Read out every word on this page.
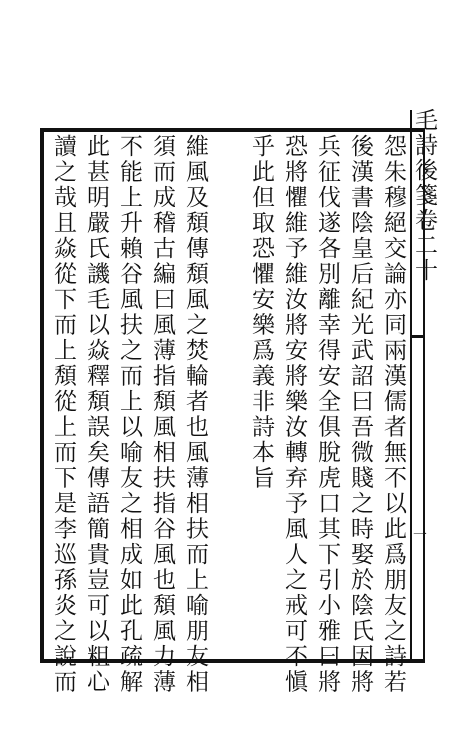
毛詩後箋卷二十
一
怨朱穆絕交論亦同兩漢儒者無不以此爲朋友之詩若
後漢書陰皇后紀光武詔曰吾微賤之時娶於陰氏因將
兵征伐遂各別離幸得安全俱脫虎口其下引小雅曰將
恐將懼維予維汝將安將樂汝轉弃予風人之戒可不愼
乎此但取恐懼安樂爲義非詩本旨
維風及頽傳頽風之焚輪者也風薄相扶而上喻朋友相
須而成稽古編曰風薄指頽風相扶指谷風也頽風力薄
不能上升賴谷風扶之而上以喻友之相成如此孔疏解
此甚明嚴氏譏毛以焱釋頽誤矣傳語簡貴豈可以粗心
讀之哉且焱從下而上頽從上而下是李巡孫炎之說而
